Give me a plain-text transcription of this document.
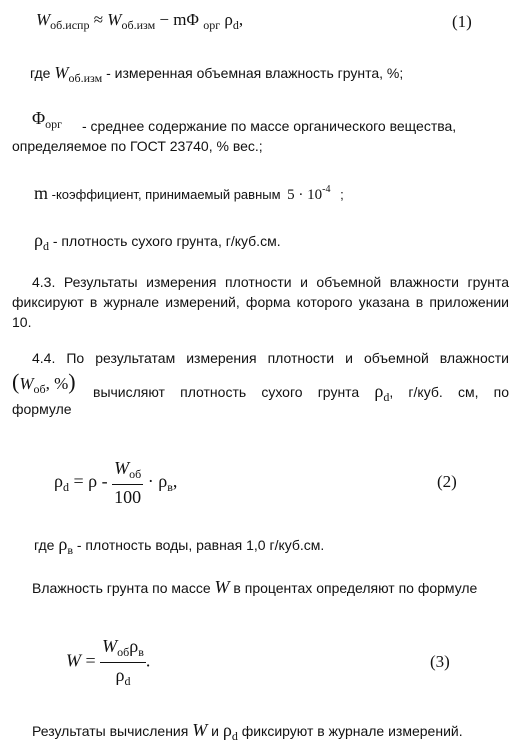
$W_{об.испр} \approx W_{об.изм} - m\Phi$ $_{орг}$ $\rho_d$,	(1)
где Wоб.изм - измеренная объемная влажность грунта, %;
$\Phi_{орг}$ - среднее содержание по массе органического вещества,
определяемое по ГОСТ 23740, % вес.;
m -коэффициент, принимаемый равным $5 \cdot 10^{-4}$ ;
ρd - плотность сухого грунта, г/куб.см.
4.3. Результаты измерения плотности и объемной влажности грунта фиксируют в журнале измерений, форма которого указана в приложении 10.
4.4. По результатам измерения плотности и объемной влажности
($W_{об}$, %) вычисляют плотность сухого грунта ρd, г/куб. см, по
формуле
$\rho_d = \rho - \frac{W_{об}}{100} \cdot \rho_в$,	(2)
где ρв - плотность воды, равная 1,0 г/куб.см.
Влажность грунта по массе W в процентах определяют по формуле
$W = \frac{W_{об}\rho_в}{\rho_d}$ .	(3)
Результаты вычисления W и ρd фиксируют в журнале измерений.
